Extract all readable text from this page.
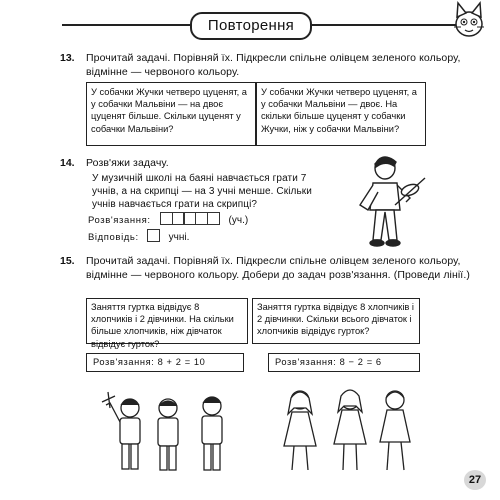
Повторення
13. Прочитай задачі. Порівняй їх. Підкресли спільне олівцем зеленого кольору, відмінне — червоного кольору.

У собачки Жучки четверо цуценят, а у собачки Мальвіни — на двоє цуценят більше. Скільки цуценят у собачки Мальвіни?

У собачки Жучки четверо цуценят, а у собачки Мальвіни — двоє. На скільки більше цуценят у собачки Жучки, ніж у собачки Мальвіни?

14. Розв'яжи задачу.
У музичній школі на баяні навчається грати 7 учнів, а на скрипці — на 3 учні менше. Скільки учнів навчається грати на скрипці?
Розв'язання:	(уч.)
Відповідь:	учні.
15. Прочитай задачі. Порівняй їх. Підкресли спільне олівцем зеленого кольору, відмінне — червоного кольору. Добери до задач розв'язання. (Проведи лінії.)

Заняття гуртка відвідує 8 хлопчиків і 2 дівчинки. На скільки більше хлопчиків, ніж дівчаток відвідує гурток?

Заняття гуртка відвідує 8 хлопчиків і 2 дівчинки. Скільки всього дівчаток і хлопчиків відвідує гурток?

Розв'язання: 8 + 2 = 10	Розв'язання: 8 − 2 = 6

27
